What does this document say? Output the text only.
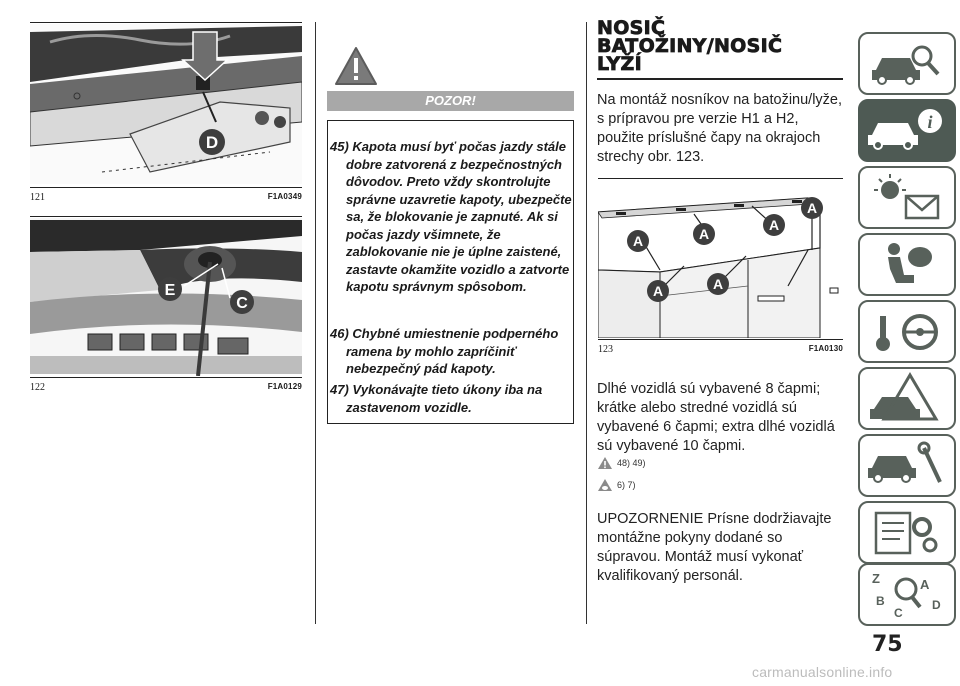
D
121	F1A0349
E
C
122	F1A0129
POZOR!
45) Kapota musí byť počas jazdy stále dobre zatvorená z bezpečnostných dôvodov. Preto vždy skontrolujte správne uzavretie kapoty, ubezpečte sa, že blokovanie je zapnuté. Ak si počas jazdy všimnete, že zablokovanie nie je úplne zaistené, zastavte okamžite vozidlo a zatvorte kapotu správnym spôsobom.
46) Chybné umiestnenie podperného ramena by mohlo zapríčiniť nebezpečný pád kapoty.
47) Vykonávajte tieto úkony iba na zastavenom vozidle.
NOSIČ
BATOŽINY/NOSIČ
LYŽÍ
Na montáž nosníkov na batožinu/lyže, s prípravou pre verzie H1 a H2, použite príslušné čapy na okrajoch strechy obr. 123.
A	A
A
A
A	A
123	F1A0130
Dlhé vozidlá sú vybavené 8 čapmi; krátke alebo stredné vozidlá sú vybavené 6 čapmi; extra dlhé vozidlá sú vybavené 10 čapmi.
48) 49)
6) 7)
UPOZORNENIE Prísne dodržiavajte montážne pokyny dodané so súpravou. Montáž musí vykonať kvalifikovaný personál.
i
Z	A
B	D
C
75
carmanualsonline.info
